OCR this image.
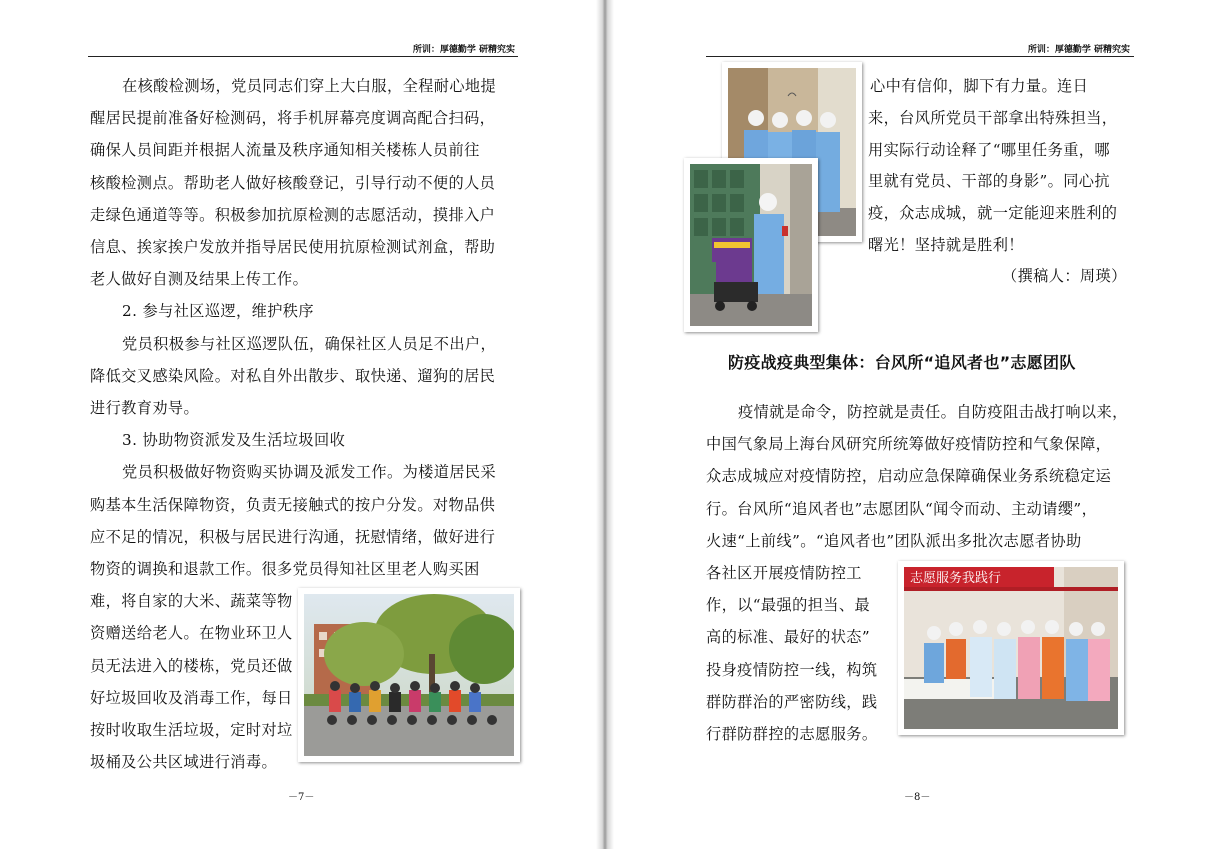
所训：厚德勤学 研精究实
在核酸检测场，党员同志们穿上大白服，全程耐心地提
醒居民提前准备好检测码，将手机屏幕亮度调高配合扫码，
确保人员间距并根据人流量及秩序通知相关楼栋人员前往
核酸检测点。帮助老人做好核酸登记，引导行动不便的人员
走绿色通道等等。积极参加抗原检测的志愿活动，摸排入户
信息、挨家挨户发放并指导居民使用抗原检测试剂盒，帮助
老人做好自测及结果上传工作。
2. 参与社区巡逻，维护秩序
党员积极参与社区巡逻队伍，确保社区人员足不出户，
降低交叉感染风险。对私自外出散步、取快递、遛狗的居民
进行教育劝导。
3. 协助物资派发及生活垃圾回收
党员积极做好物资购买协调及派发工作。为楼道居民采
购基本生活保障物资，负责无接触式的按户分发。对物品供
应不足的情况，积极与居民进行沟通，抚慰情绪，做好进行
物资的调换和退款工作。很多党员得知社区里老人购买困
难，将自家的大米、蔬菜等物
资赠送给老人。在物业环卫人
员无法进入的楼栋，党员还做
好垃圾回收及消毒工作，每日
按时收取生活垃圾，定时对垃
圾桶及公共区域进行消毒。
－7－
所训：厚德勤学 研精究实
心中有信仰，脚下有力量。连日
来，台风所党员干部拿出特殊担当，
用实际行动诠释了“哪里任务重，哪
里就有党员、干部的身影”。同心抗
疫，众志成城，就一定能迎来胜利的
曙光！坚持就是胜利！
（撰稿人：周瑛）
防疫战疫典型集体：台风所“追风者也”志愿团队
疫情就是命令，防控就是责任。自防疫阻击战打响以来，
中国气象局上海台风研究所统筹做好疫情防控和气象保障，
众志成城应对疫情防控，启动应急保障确保业务系统稳定运
行。台风所“追风者也”志愿团队“闻令而动、主动请缨”，
火速“上前线”。“追风者也”团队派出多批次志愿者协助
各社区开展疫情防控工
作，以“最强的担当、最
高的标准、最好的状态”
投身疫情防控一线，构筑
群防群治的严密防线，践
行群防群控的志愿服务。
志愿服务我践行
－8－
